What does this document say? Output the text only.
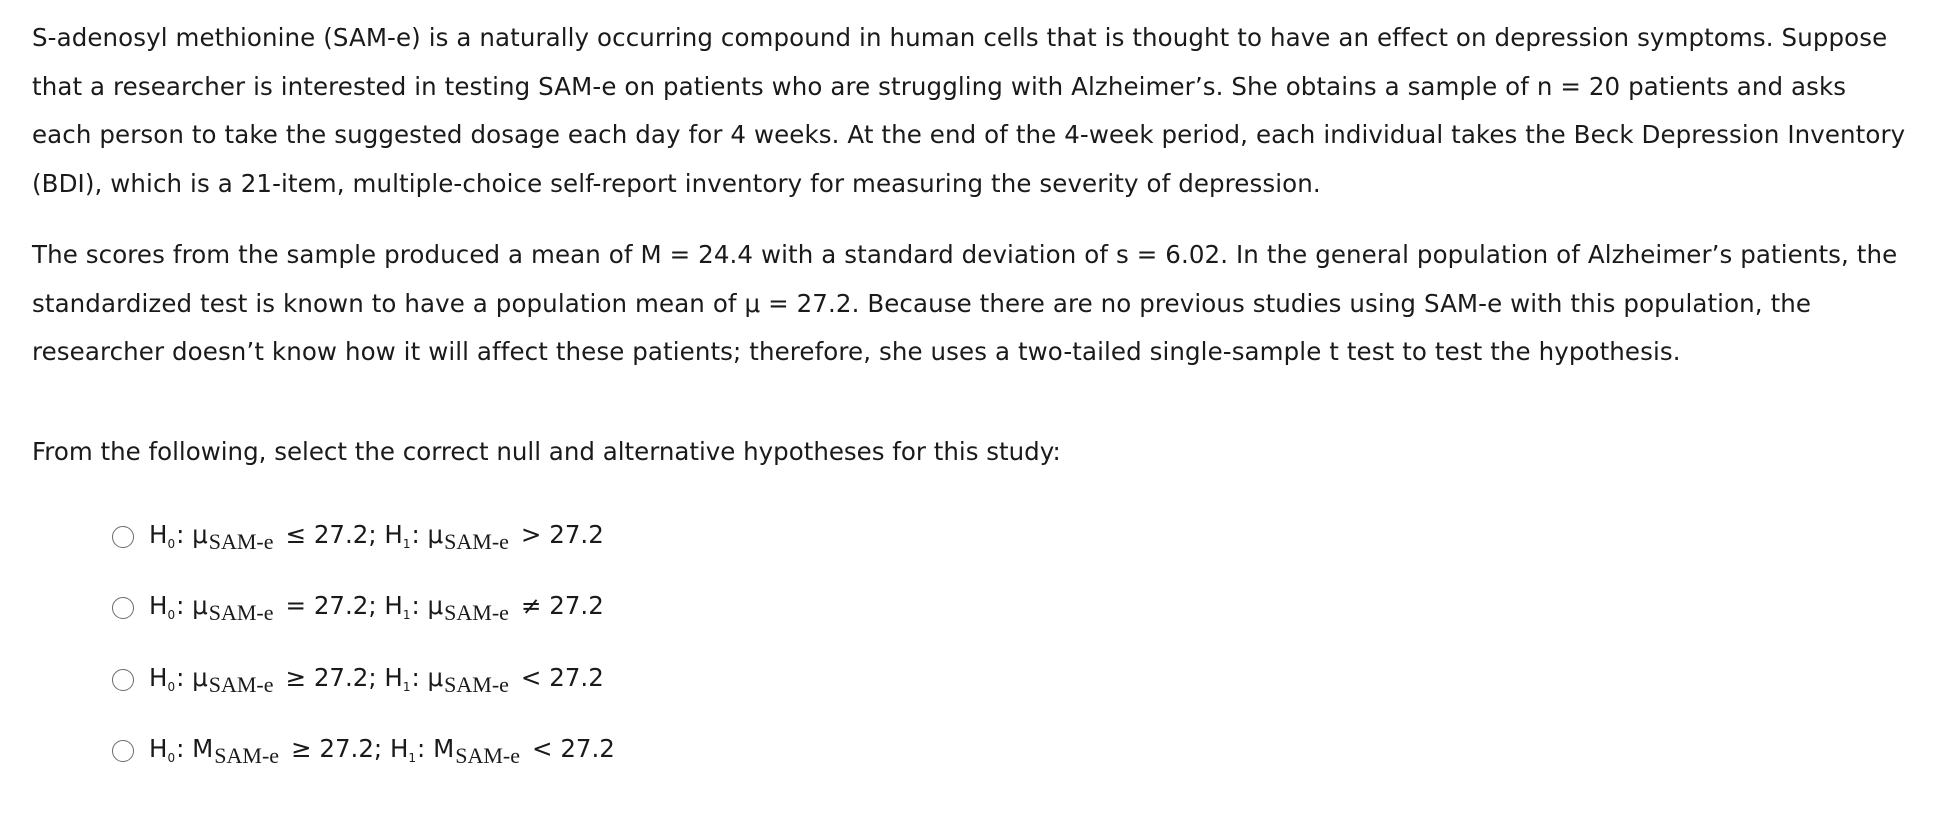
S-adenosyl methionine (SAM-e) is a naturally occurring compound in human cells that is thought to have an effect on depression symptoms. Suppose that a researcher is interested in testing SAM-e on patients who are struggling with Alzheimer’s. She obtains a sample of n = 20 patients and asks each person to take the suggested dosage each day for 4 weeks. At the end of the 4-week period, each individual takes the Beck Depression Inventory (BDI), which is a 21-item, multiple-choice self-report inventory for measuring the severity of depression.

The scores from the sample produced a mean of M = 24.4 with a standard deviation of s = 6.02. In the general population of Alzheimer’s patients, the standardized test is known to have a population mean of μ = 27.2. Because there are no previous studies using SAM-e with this population, the researcher doesn’t know how it will affect these patients; therefore, she uses a two-tailed single-sample t test to test the hypothesis.

From the following, select the correct null and alternative hypotheses for this study:

$H_0$: μSAM-e ≤ 27.2; $H_1$: μSAM-e > 27.2
$H_0$: μSAM-e = 27.2; $H_1$: μSAM-e ≠ 27.2
$H_0$: μSAM-e ≥ 27.2; $H_1$: μSAM-e < 27.2
$H_0$: MSAM-e ≥ 27.2; $H_1$: MSAM-e < 27.2
